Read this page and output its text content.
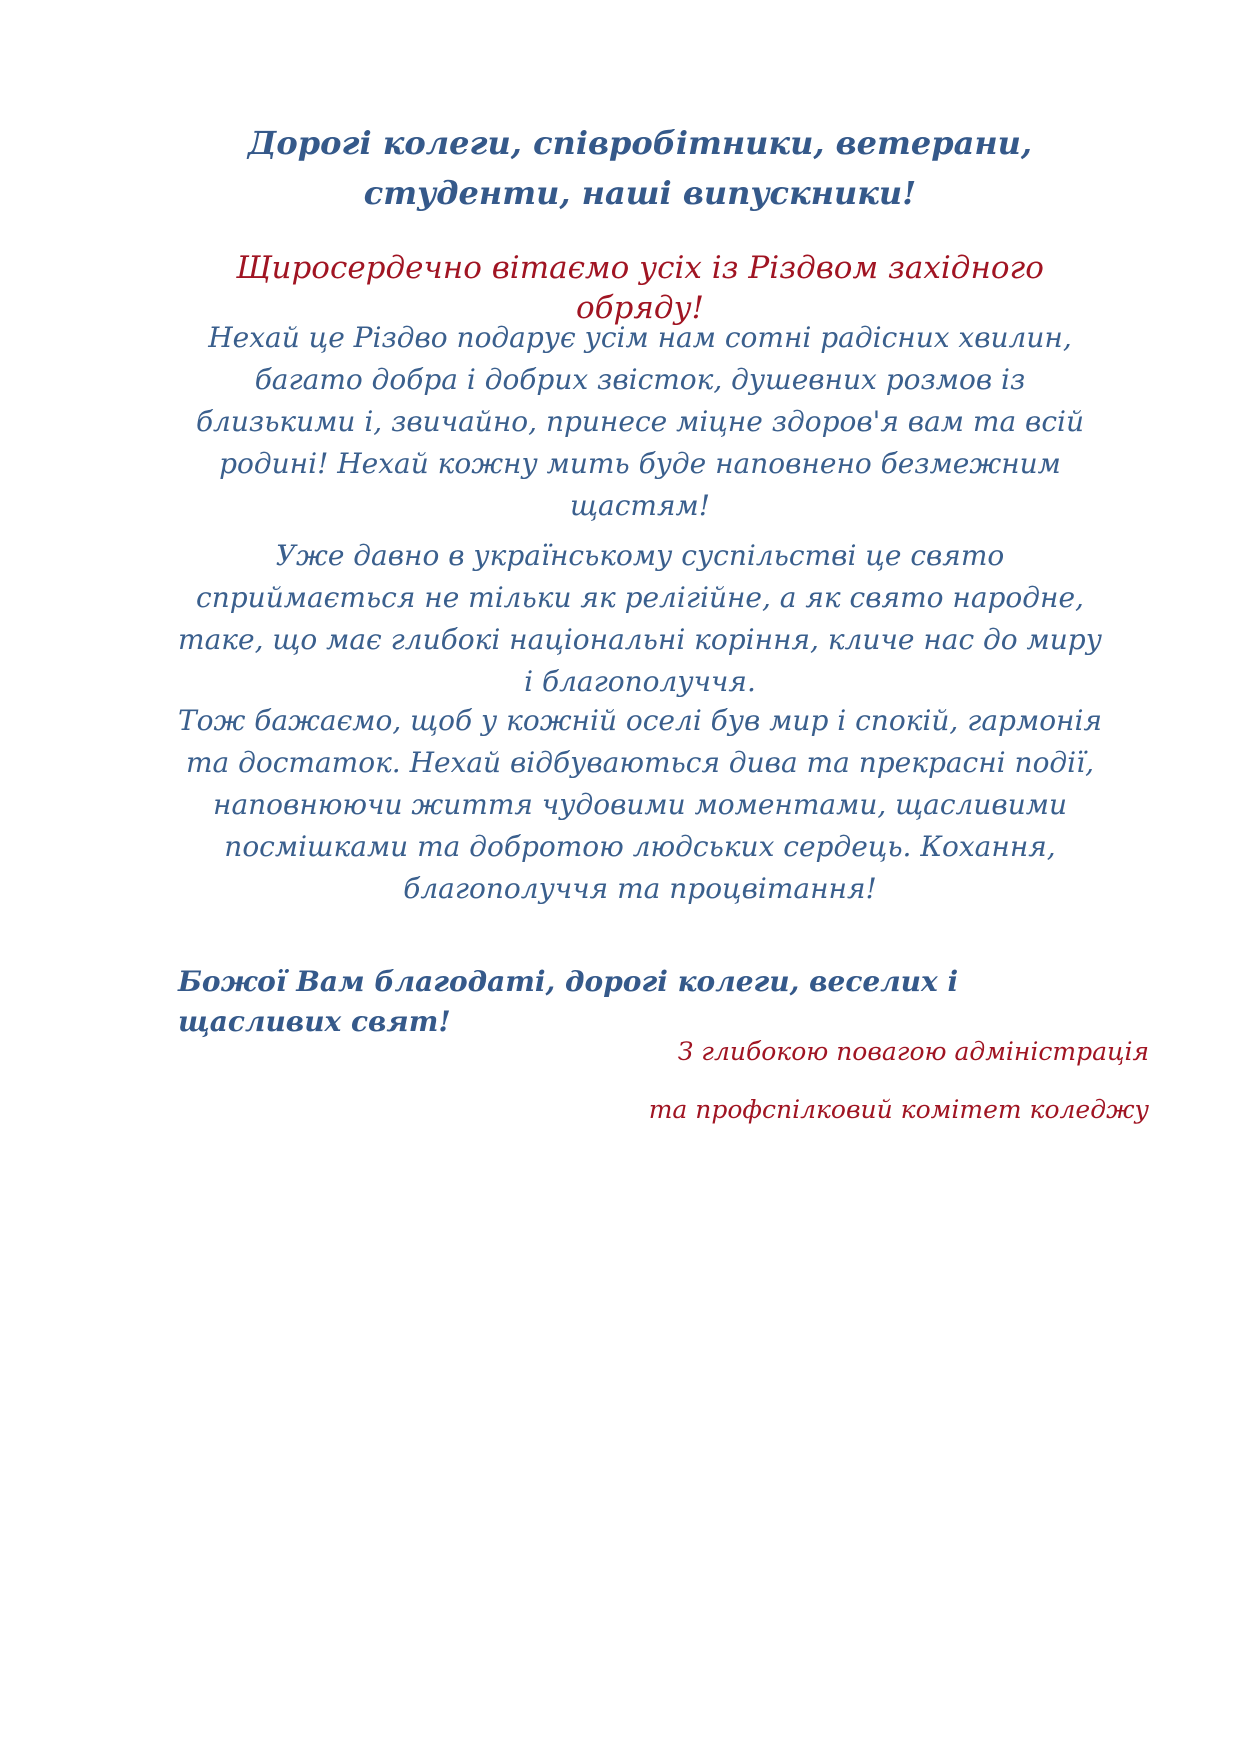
Дорогі колеги, співробітники, ветерани, студенти, наші випускники!

Щиросердечно вітаємо усіх із Різдвом західного обряду!

Нехай це Різдво подарує усім нам сотні радісних хвилин, багато добра і добрих звісток, душевних розмов із близькими і, звичайно, принесе міцне здоров'я вам та всій родині! Нехай кожну мить буде наповнено безмежним щастям!

Уже давно в українському суспільстві це свято сприймається не тільки як релігійне, а як свято народне, таке, що має глибокі національні коріння, кличе нас до миру і благополуччя.

Тож бажаємо, щоб у кожній оселі був мир і спокій, гармонія та достаток. Нехай відбуваються дива та прекрасні події, наповнюючи життя чудовими моментами, щасливими посмішками та добротою людських сердець. Кохання, благополуччя та процвітання!

Божої Вам благодаті, дорогі колеги, веселих і щасливих свят!

З глибокою повагою адміністрація

та профспілковий комітет коледжу
